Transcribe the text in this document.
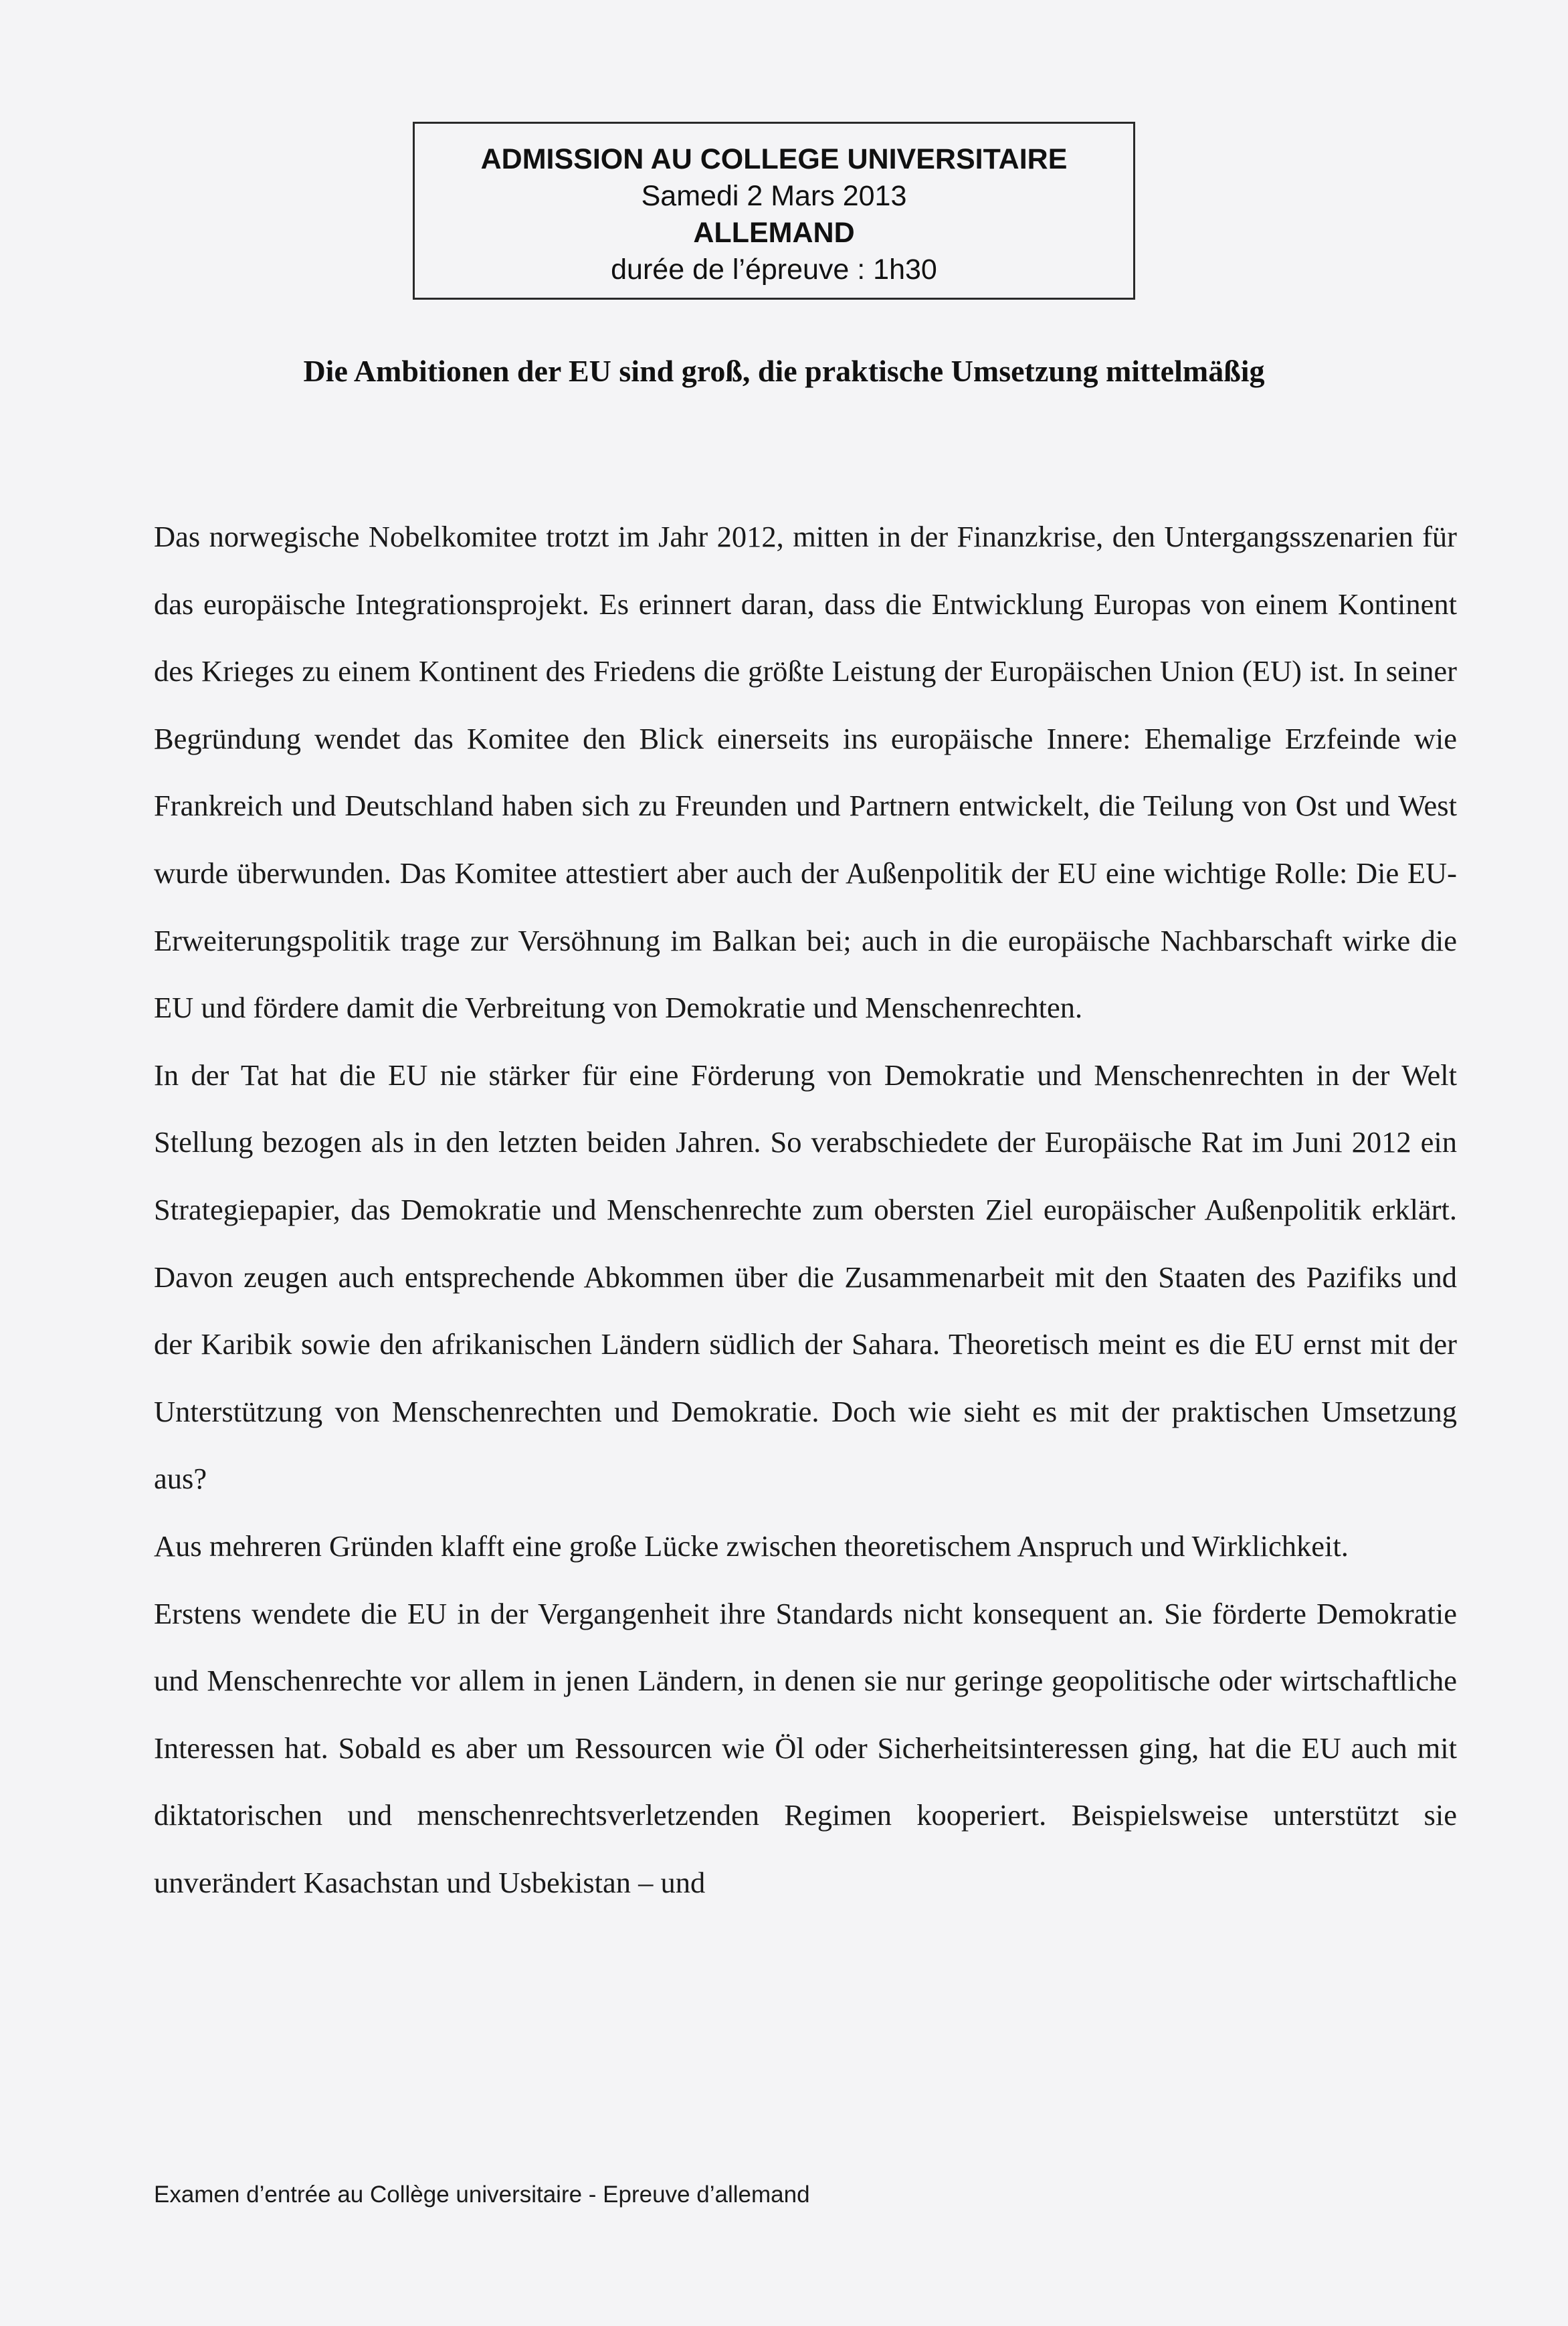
ADMISSION AU COLLEGE UNIVERSITAIRE
Samedi 2 Mars 2013
ALLEMAND
durée de l’épreuve : 1h30
Die Ambitionen der EU sind groß, die praktische Umsetzung mittelmäßig

Das norwegische Nobelkomitee trotzt im Jahr 2012, mitten in der Finanzkrise, den Untergangsszenarien für das europäische Integrationsprojekt. Es erinnert daran, dass die Entwicklung Europas von einem Kontinent des Krieges zu einem Kontinent des Friedens die größte Leistung der Europäischen Union (EU) ist. In seiner Begründung wendet das Komitee den Blick einerseits ins europäische Innere: Ehemalige Erzfeinde wie Frankreich und Deutschland haben sich zu Freunden und Partnern entwickelt, die Teilung von Ost und West wurde überwunden. Das Komitee attestiert aber auch der Außenpolitik der EU eine wichtige Rolle: Die EU-Erweiterungspolitik trage zur Versöhnung im Balkan bei; auch in die europäische Nachbarschaft wirke die EU und fördere damit die Verbreitung von Demokratie und Menschenrechten.

In der Tat hat die EU nie stärker für eine Förderung von Demokratie und Menschenrechten in der Welt Stellung bezogen als in den letzten beiden Jahren. So verabschiedete der Europäische Rat im Juni 2012 ein Strategiepapier, das Demokratie und Menschenrechte zum obersten Ziel europäischer Außenpolitik erklärt. Davon zeugen auch entsprechende Abkommen über die Zusammenarbeit mit den Staaten des Pazifiks und der Karibik sowie den afrikanischen Ländern südlich der Sahara. Theoretisch meint es die EU ernst mit der Unterstützung von Menschenrechten und Demokratie. Doch wie sieht es mit der praktischen Umsetzung aus?

Aus mehreren Gründen klafft eine große Lücke zwischen theoretischem Anspruch und Wirklichkeit.

Erstens wendete die EU in der Vergangenheit ihre Standards nicht konsequent an. Sie förderte Demokratie und Menschenrechte vor allem in jenen Ländern, in denen sie nur geringe geopolitische oder wirtschaftliche Interessen hat. Sobald es aber um Ressourcen wie Öl oder Sicherheitsinteressen ging, hat die EU auch mit diktatorischen und menschenrechtsverletzenden Regimen kooperiert. Beispielsweise unterstützt sie unverändert Kasachstan und Usbekistan – und

Examen d’entrée au Collège universitaire - Epreuve d’allemand
